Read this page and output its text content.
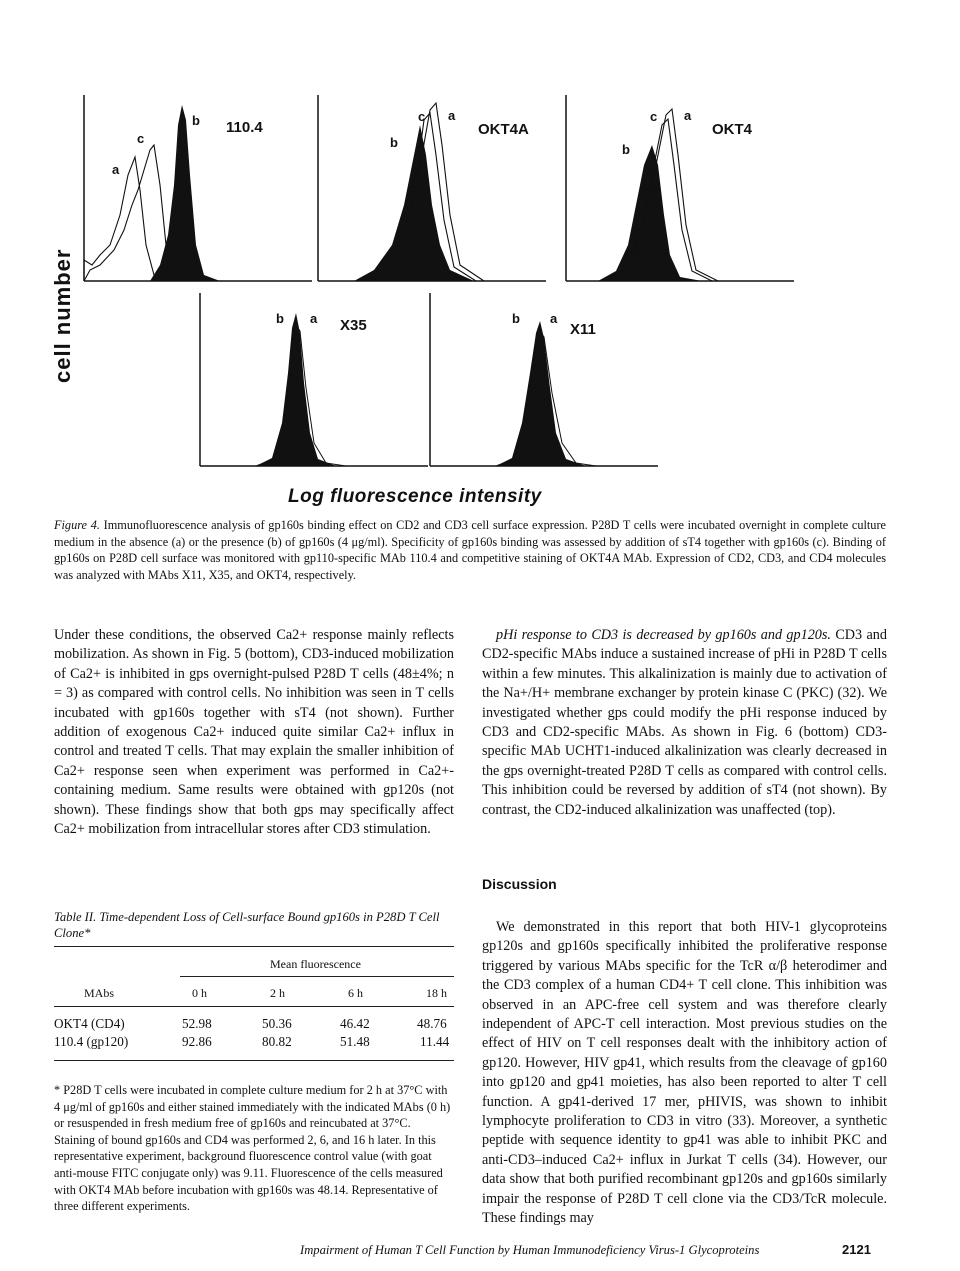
cell number
110.4
a
c
b
b
c a
OKT4A
b
c a
OKT4
b a X35	b a
X11
Log fluorescence intensity
Figure 4. Immunofluorescence analysis of gp160s binding effect on CD2 and CD3 cell surface expression. P28D T cells were incubated overnight in complete culture medium in the absence (a) or the presence (b) of gp160s (4 μg/ml). Specificity of gp160s binding was assessed by addition of sT4 together with gp160s (c). Binding of gp160s on P28D cell surface was monitored with gp110-specific MAb 110.4 and competitive staining of OKT4A MAb. Expression of CD2, CD3, and CD4 molecules was analyzed with MAbs X11, X35, and OKT4, respectively.
Under these conditions, the observed Ca2+ response mainly reflects mobilization. As shown in Fig. 5 (bottom), CD3-induced mobilization of Ca2+ is inhibited in gps overnight-pulsed P28D T cells (48±4%; n = 3) as compared with control cells. No inhibition was seen in T cells incubated with gp160s together with sT4 (not shown). Further addition of exogenous Ca2+ induced quite similar Ca2+ influx in control and treated T cells. That may explain the smaller inhibition of Ca2+ response seen when experiment was performed in Ca2+-containing medium. Same results were obtained with gp120s (not shown). These findings show that both gps may specifically affect Ca2+ mobilization from intracellular stores after CD3 stimulation.
pHi response to CD3 is decreased by gp160s and gp120s. CD3 and CD2-specific MAbs induce a sustained increase of pHi in P28D T cells within a few minutes. This alkalinization is mainly due to activation of the Na+/H+ membrane exchanger by protein kinase C (PKC) (32). We investigated whether gps could modify the pHi response induced by CD3 and CD2-specific MAbs. As shown in Fig. 6 (bottom) CD3-specific MAb UCHT1-induced alkalinization was clearly decreased in the gps overnight-treated P28D T cells as compared with control cells. This inhibition could be reversed by addition of sT4 (not shown). By contrast, the CD2-induced alkalinization was unaffected (top).
Discussion
We demonstrated in this report that both HIV-1 glycoproteins gp120s and gp160s specifically inhibited the proliferative response triggered by various MAbs specific for the TcR α/β heterodimer and the CD3 complex of a human CD4+ T cell clone. This inhibition was observed in an APC-free cell system and was therefore clearly independent of APC-T cell interaction. Most previous studies on the effect of HIV on T cell responses dealt with the inhibitory action of gp120. However, HIV gp41, which results from the cleavage of gp160 into gp120 and gp41 moieties, has also been reported to alter T cell function. A gp41-derived 17 mer, pHIVIS, was shown to inhibit lymphocyte proliferation to CD3 in vitro (33). Moreover, a synthetic peptide with sequence identity to gp41 was able to inhibit PKC and anti-CD3–induced Ca2+ influx in Jurkat T cells (34). However, our data show that both purified recombinant gp120s and gp160s similarly impair the response of P28D T cell clone via the CD3/TcR molecule. These findings may
Table II. Time-dependent Loss of Cell-surface Bound gp160s in P28D T Cell Clone*
Mean fluorescence
MAbs	0 h	2 h	6 h	18 h
OKT4 (CD4)	52.98	50.36	46.42	48.76
110.4 (gp120)	92.86	80.82	51.48	11.44
* P28D T cells were incubated in complete culture medium for 2 h at 37°C with 4 μg/ml of gp160s and either stained immediately with the indicated MAbs (0 h) or resuspended in fresh medium free of gp160s and reincubated at 37°C. Staining of bound gp160s and CD4 was performed 2, 6, and 16 h later. In this representative experiment, background fluorescence control value (with goat anti-mouse FITC conjugate only) was 9.11. Fluorescence of the cells measured with OKT4 MAb before incubation with gp160s was 48.14. Representative of three different experiments.
Impairment of Human T Cell Function by Human Immunodeficiency Virus-1 Glycoproteins	2121
